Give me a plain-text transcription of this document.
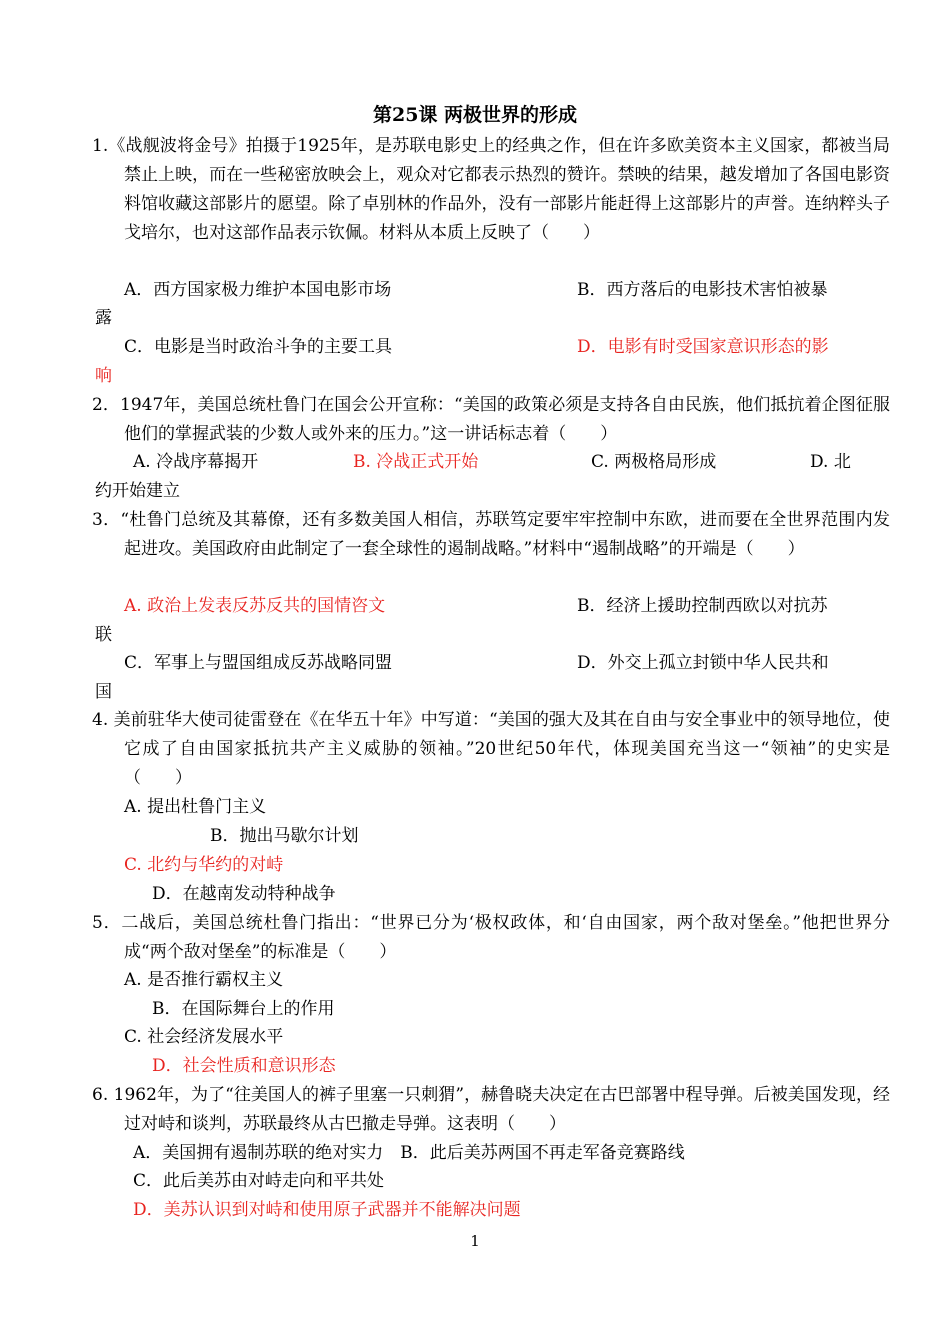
第25课 两极世界的形成
1.《战舰波将金号》拍摄于1925年，是苏联电影史上的经典之作，但在许多欧美资本主义国家，都被当局禁止上映，而在一些秘密放映会上，观众对它都表示热烈的赞许。禁映的结果，越发增加了各国电影资料馆收藏这部影片的愿望。除了卓别林的作品外，没有一部影片能赶得上这部影片的声誉。连纳粹头子戈培尔，也对这部作品表示钦佩。材料从本质上反映了（　　）
A．西方国家极力维护本国电影市场	B．西方落后的电影技术害怕被暴
露
C．电影是当时政治斗争的主要工具	D．电影有时受国家意识形态的影
响
2．1947年，美国总统杜鲁门在国会公开宣称：“美国的政策必须是支持各自由民族，他们抵抗着企图征服他们的掌握武装的少数人或外来的压力。”这一讲话标志着（　　）
A. 冷战序幕揭开	B. 冷战正式开始	C. 两极格局形成	D. 北
约开始建立
3．“杜鲁门总统及其幕僚，还有多数美国人相信，苏联笃定要牢牢控制中东欧，进而要在全世界范围内发起进攻。美国政府由此制定了一套全球性的遏制战略。”材料中“遏制战略”的开端是（　　）
A. 政治上发表反苏反共的国情咨文	B．经济上援助控制西欧以对抗苏
联
C．军事上与盟国组成反苏战略同盟	D．外交上孤立封锁中华人民共和
国
4. 美前驻华大使司徒雷登在《在华五十年》中写道：“美国的强大及其在自由与安全事业中的领导地位，使它成了自由国家抵抗共产主义威胁的领袖。”20世纪50年代，体现美国充当这一“领袖”的史实是（　　）
A. 提出杜鲁门主义
B．抛出马歇尔计划
C. 北约与华约的对峙
D．在越南发动特种战争
5．二战后，美国总统杜鲁门指出：“世界已分为‘极权政体，和‘自由国家，两个敌对堡垒。”他把世界分成“两个敌对堡垒”的标准是（　　）
A. 是否推行霸权主义
B．在国际舞台上的作用
C. 社会经济发展水平
D．社会性质和意识形态
6. 1962年，为了“往美国人的裤子里塞一只刺猬”，赫鲁晓夫决定在古巴部署中程导弹。后被美国发现，经过对峙和谈判，苏联最终从古巴撤走导弹。这表明（　　）
A．美国拥有遏制苏联的绝对实力　B．此后美苏两国不再走军备竞赛路线
C．此后美苏由对峙走向和平共处
D．美苏认识到对峙和使用原子武器并不能解决问题
1
